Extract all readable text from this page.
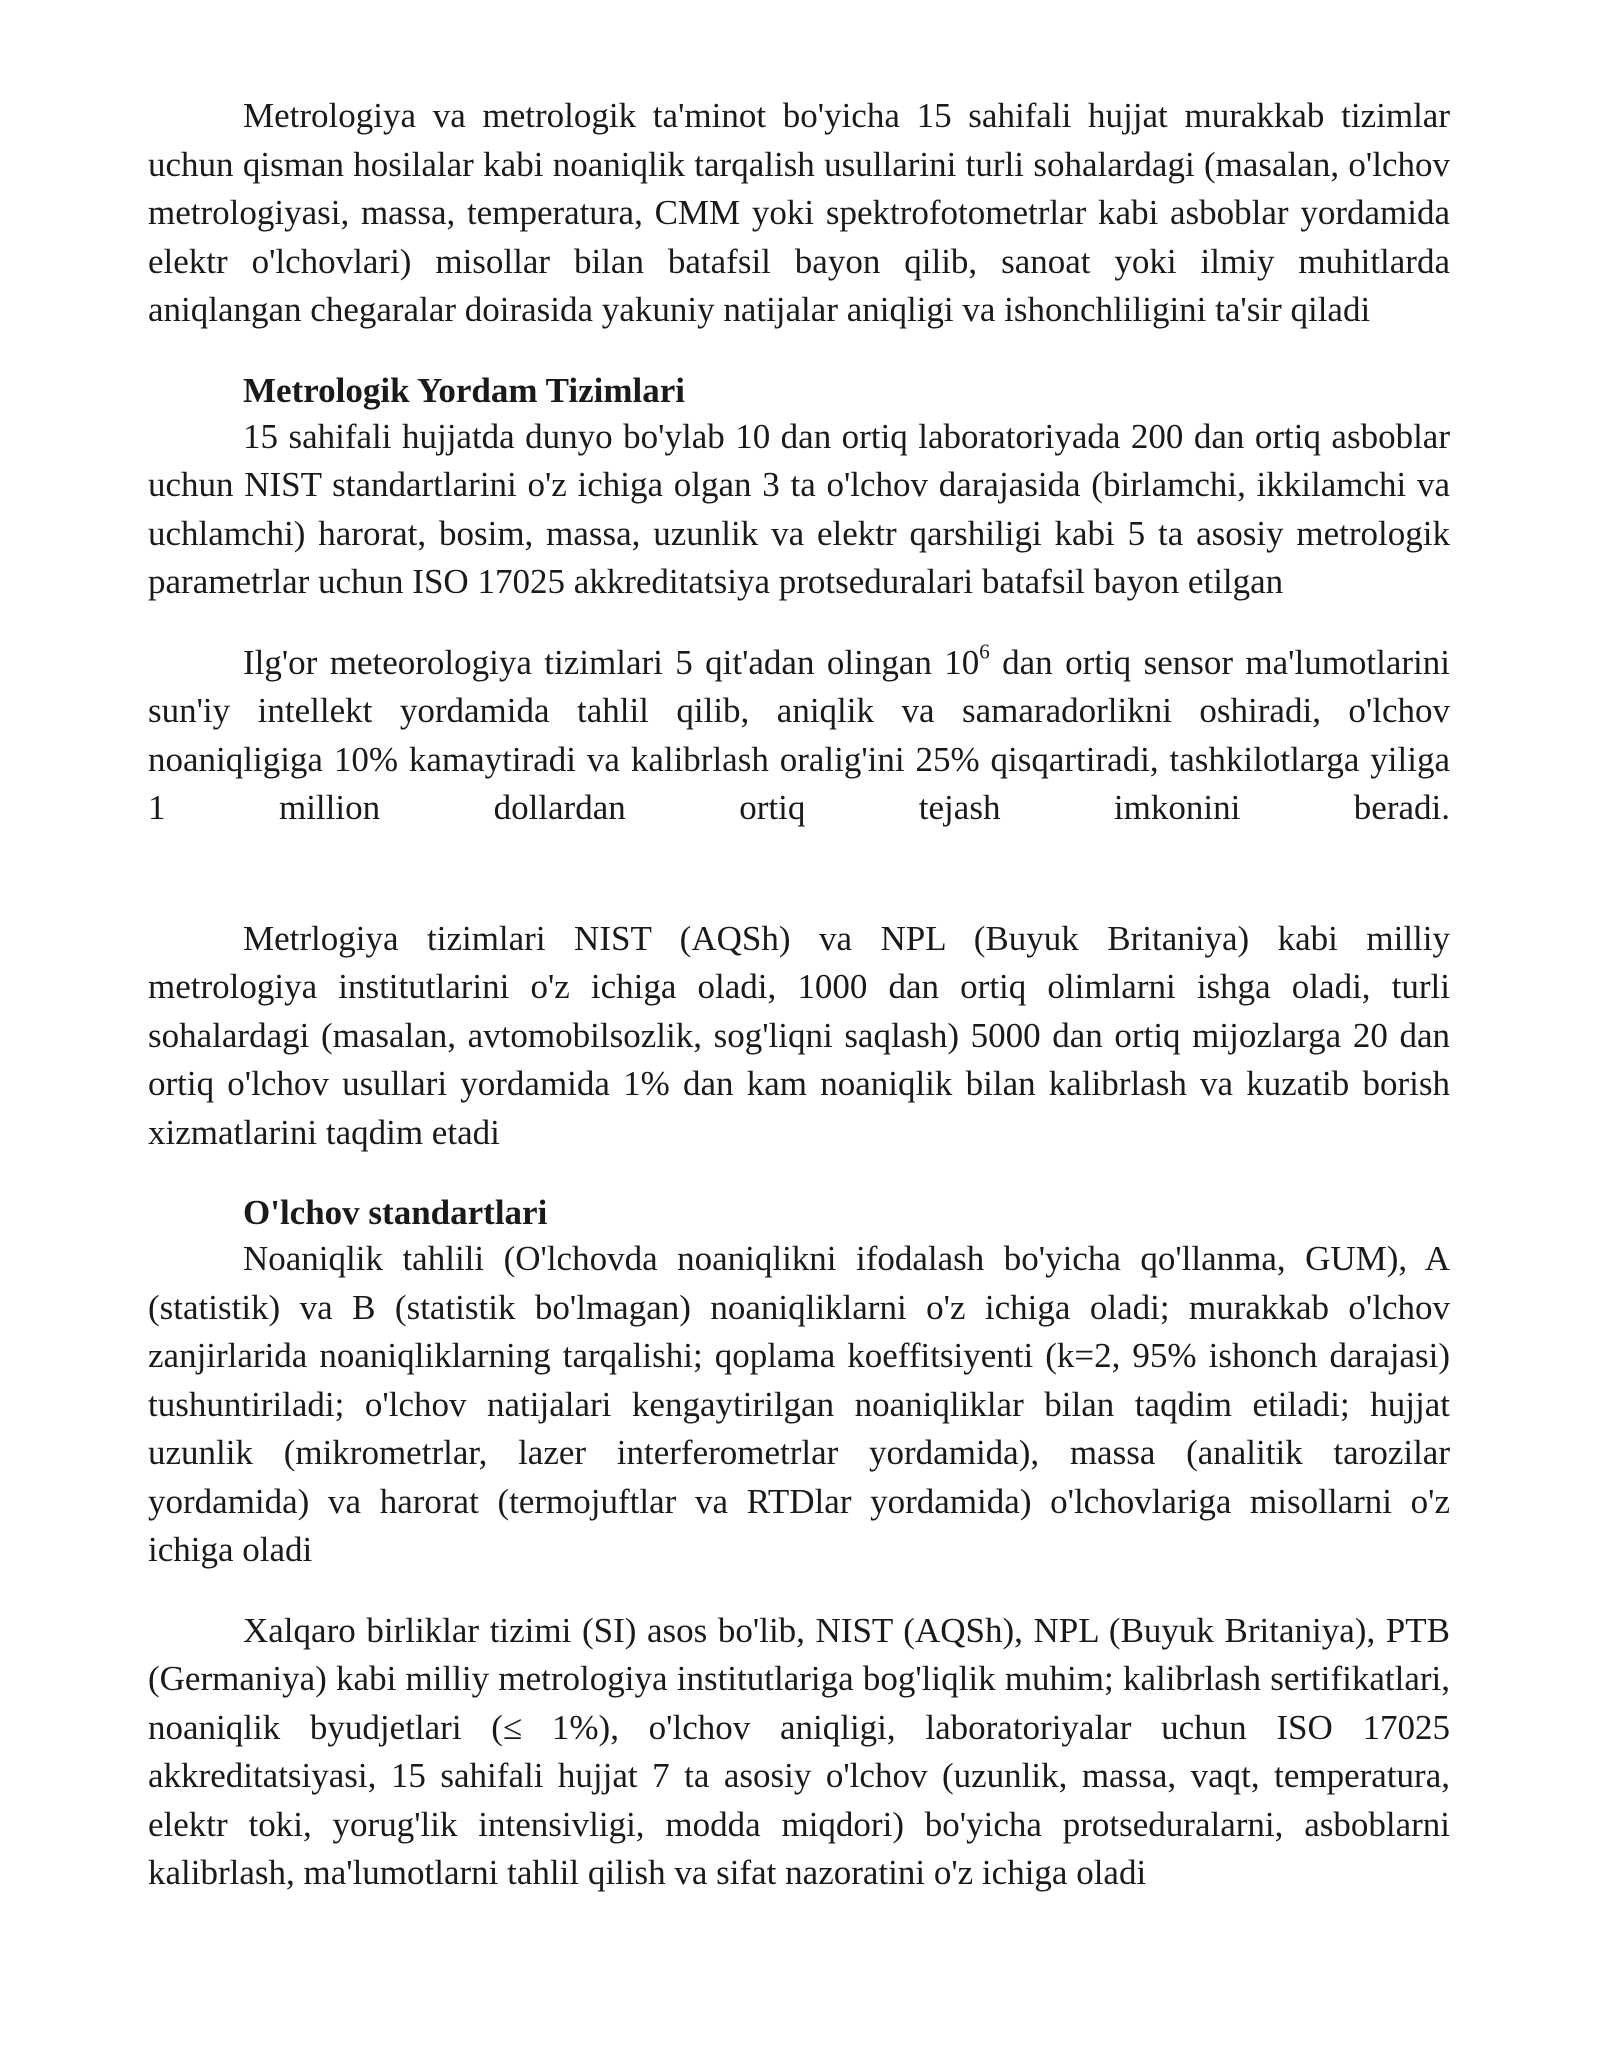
Metrologiya va metrologik ta'minot bo'yicha 15 sahifali hujjat murakkab tizimlar uchun qisman hosilalar kabi noaniqlik tarqalish usullarini turli sohalardagi (masalan, o'lchov metrologiyasi, massa, temperatura, CMM yoki spektrofotometrlar kabi asboblar yordamida elektr o'lchovlari) misollar bilan batafsil bayon qilib, sanoat yoki ilmiy muhitlarda aniqlangan chegaralar doirasida yakuniy natijalar aniqligi va ishonchliligini ta'sir qiladi

Metrologik Yordam Tizimlari

15 sahifali hujjatda dunyo bo'ylab 10 dan ortiq laboratoriyada 200 dan ortiq asboblar uchun NIST standartlarini o'z ichiga olgan 3 ta o'lchov darajasida (birlamchi, ikkilamchi va uchlamchi) harorat, bosim, massa, uzunlik va elektr qarshiligi kabi 5 ta asosiy metrologik parametrlar uchun ISO 17025 akkreditatsiya protseduralari batafsil bayon etilgan

Ilg'or meteorologiya tizimlari 5 qit'adan olingan $10^6$ dan ortiq sensor ma'lumotlarini sun'iy intellekt yordamida tahlil qilib, aniqlik va samaradorlikni oshiradi, o'lchov noaniqligiga 10% kamaytiradi va kalibrlash oralig'ini 25% qisqartiradi, tashkilotlarga yiliga 1 million dollardan ortiq tejash imkonini beradi.

Metrlogiya tizimlari NIST (AQSh) va NPL (Buyuk Britaniya) kabi milliy metrologiya institutlarini o'z ichiga oladi, 1000 dan ortiq olimlarni ishga oladi, turli sohalardagi (masalan, avtomobilsozlik, sog'liqni saqlash) 5000 dan ortiq mijozlarga 20 dan ortiq o'lchov usullari yordamida 1% dan kam noaniqlik bilan kalibrlash va kuzatib borish xizmatlarini taqdim etadi

O'lchov standartlari

Noaniqlik tahlili (O'lchovda noaniqlikni ifodalash bo'yicha qo'llanma, GUM), A (statistik) va B (statistik bo'lmagan) noaniqliklarni o'z ichiga oladi; murakkab o'lchov zanjirlarida noaniqliklarning tarqalishi; qoplama koeffitsiyenti (k=2, 95% ishonch darajasi) tushuntiriladi; o'lchov natijalari kengaytirilgan noaniqliklar bilan taqdim etiladi; hujjat uzunlik (mikrometrlar, lazer interferometrlar yordamida), massa (analitik tarozilar yordamida) va harorat (termojuftlar va RTDlar yordamida) o'lchovlariga misollarni o'z ichiga oladi

Xalqaro birliklar tizimi (SI) asos bo'lib, NIST (AQSh), NPL (Buyuk Britaniya), PTB (Germaniya) kabi milliy metrologiya institutlariga bog'liqlik muhim; kalibrlash sertifikatlari, noaniqlik byudjetlari (≤ 1%), o'lchov aniqligi, laboratoriyalar uchun ISO 17025 akkreditatsiyasi, 15 sahifali hujjat 7 ta asosiy o'lchov (uzunlik, massa, vaqt, temperatura, elektr toki, yorug'lik intensivligi, modda miqdori) bo'yicha protseduralarni, asboblarni kalibrlash, ma'lumotlarni tahlil qilish va sifat nazoratini o'z ichiga oladi
